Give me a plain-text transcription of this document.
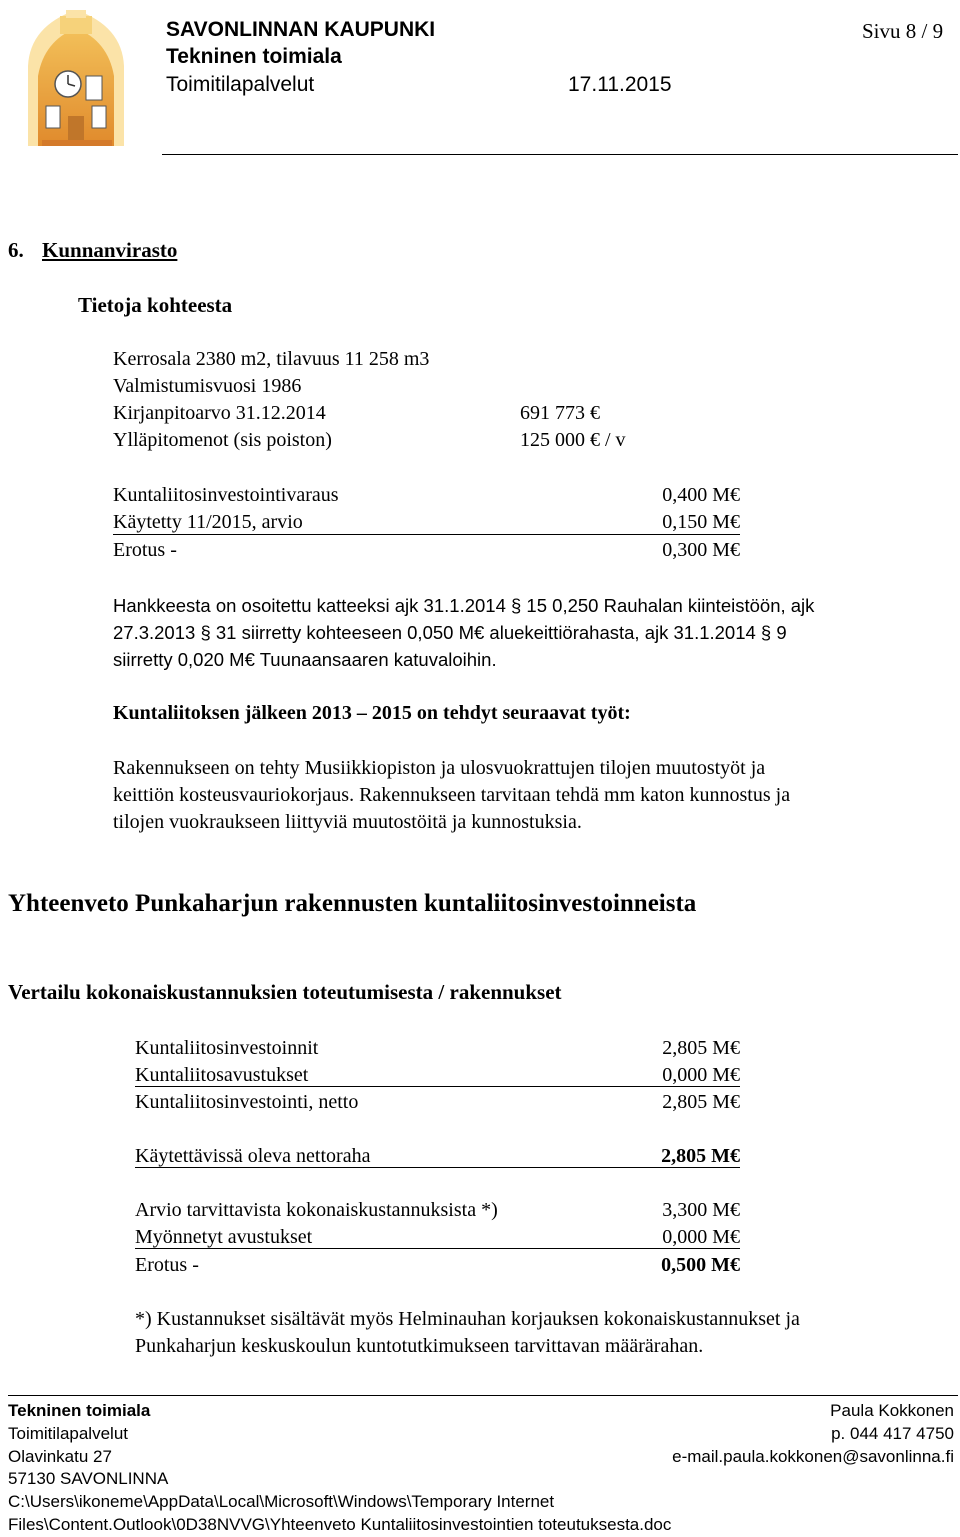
SAVONLINNAN KAUPUNKI
Tekninen toimiala
Toimitilapalvelut	17.11.2015
Sivu 8 / 9
6. Kunnanvirasto
Tietoja kohteesta
Kerrosala 2380 m2, tilavuus 11 258 m3
Valmistumisvuosi 1986
Kirjanpitoarvo 31.12.2014	691 773 €
Ylläpitomenot (sis poiston)	125 000 € / v
Kuntaliitosinvestointivaraus	0,400 M€
Käytetty 11/2015, arvio	0,150 M€
Erotus -	0,300 M€
Hankkeesta on osoitettu katteeksi ajk 31.1.2014 § 15 0,250 Rauhalan kiinteistöön, ajk
27.3.2013 § 31 siirretty kohteeseen 0,050 M€ aluekeittiörahasta, ajk 31.1.2014 § 9
siirretty 0,020 M€ Tuunaansaaren katuvaloihin.
Kuntaliitoksen jälkeen 2013 – 2015 on tehdyt seuraavat työt:
Rakennukseen on tehty Musiikkiopiston ja ulosvuokrattujen tilojen muutostyöt ja
keittiön kosteusvauriokorjaus. Rakennukseen tarvitaan tehdä mm katon kunnostus ja
tilojen vuokraukseen liittyviä muutostöitä ja kunnostuksia.
Yhteenveto Punkaharjun rakennusten kuntaliitosinvestoinneista
Vertailu kokonaiskustannuksien toteutumisesta / rakennukset
Kuntaliitosinvestoinnit	2,805 M€
Kuntaliitosavustukset	0,000 M€
Kuntaliitosinvestointi, netto	2,805 M€
Käytettävissä oleva nettoraha	2,805 M€
Arvio tarvittavista kokonaiskustannuksista *)	3,300 M€
Myönnetyt avustukset	0,000 M€
Erotus -	0,500 M€
*) Kustannukset sisältävät myös Helminauhan korjauksen kokonaiskustannukset ja
Punkaharjun keskuskoulun kuntotutkimukseen tarvittavan määrärahan.
Tekninen toimiala
Toimitilapalvelut
Olavinkatu 27
57130 SAVONLINNA
C:\Users\ikoneme\AppData\Local\Microsoft\Windows\Temporary Internet
Files\Content.Outlook\0D38NVVG\Yhteenveto Kuntaliitosinvestointien toteutuksesta.doc
Paula Kokkonen
p. 044 417 4750
e-mail.paula.kokkonen@savonlinna.fi
